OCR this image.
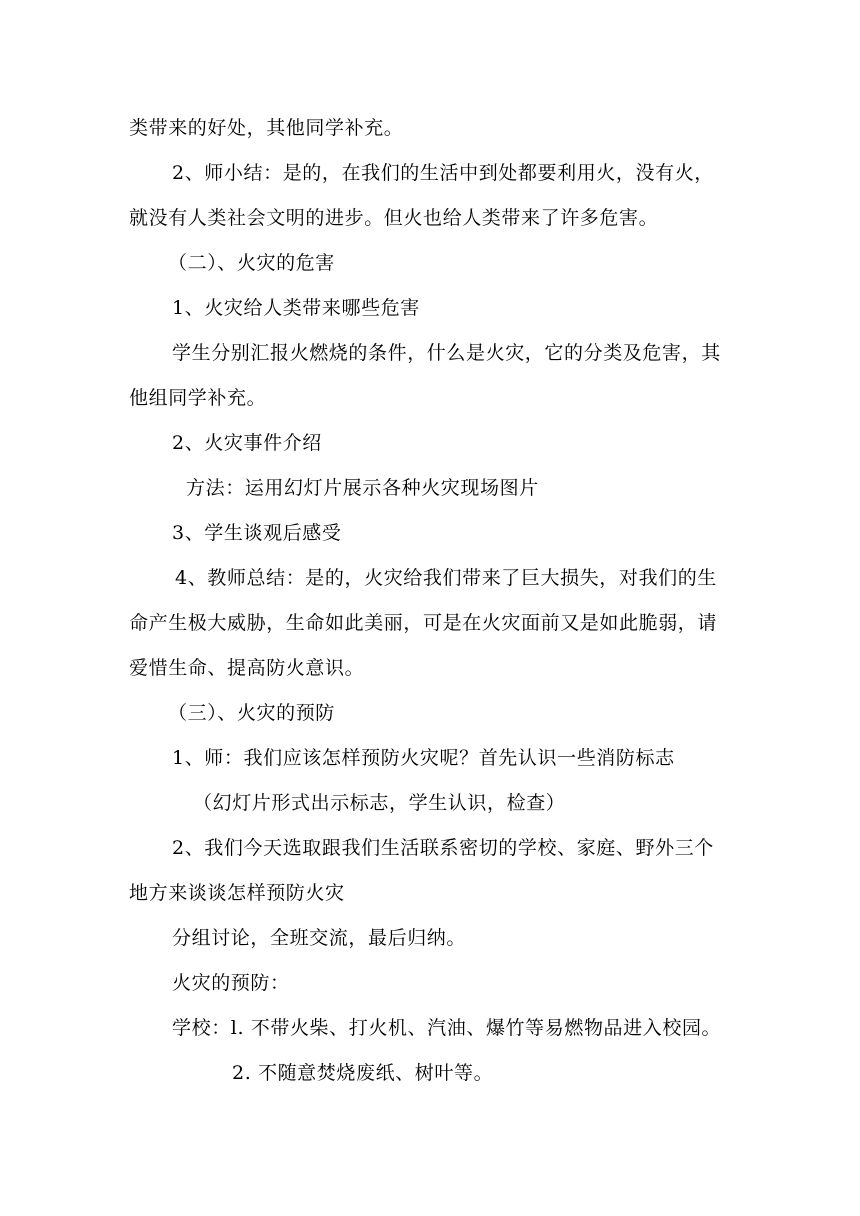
类带来的好处，其他同学补充。
2、师小结：是的，在我们的生活中到处都要利用火，没有火，
就没有人类社会文明的进步。但火也给人类带来了许多危害。
（二）、火灾的危害
1、火灾给人类带来哪些危害
学生分别汇报火燃烧的条件，什么是火灾，它的分类及危害，其
他组同学补充。
2、火灾事件介绍
方法：运用幻灯片展示各种火灾现场图片
3、学生谈观后感受
4、教师总结：是的，火灾给我们带来了巨大损失，对我们的生
命产生极大威胁，生命如此美丽，可是在火灾面前又是如此脆弱，请
爱惜生命、提高防火意识。
（三）、火灾的预防
1、师：我们应该怎样预防火灾呢？首先认识一些消防标志
（幻灯片形式出示标志，学生认识，检查）
2、我们今天选取跟我们生活联系密切的学校、家庭、野外三个
地方来谈谈怎样预防火灾
分组讨论，全班交流，最后归纳。
火灾的预防：
学校：l. 不带火柴、打火机、汽油、爆竹等易燃物品进入校园。
2. 不随意焚烧废纸、树叶等。
